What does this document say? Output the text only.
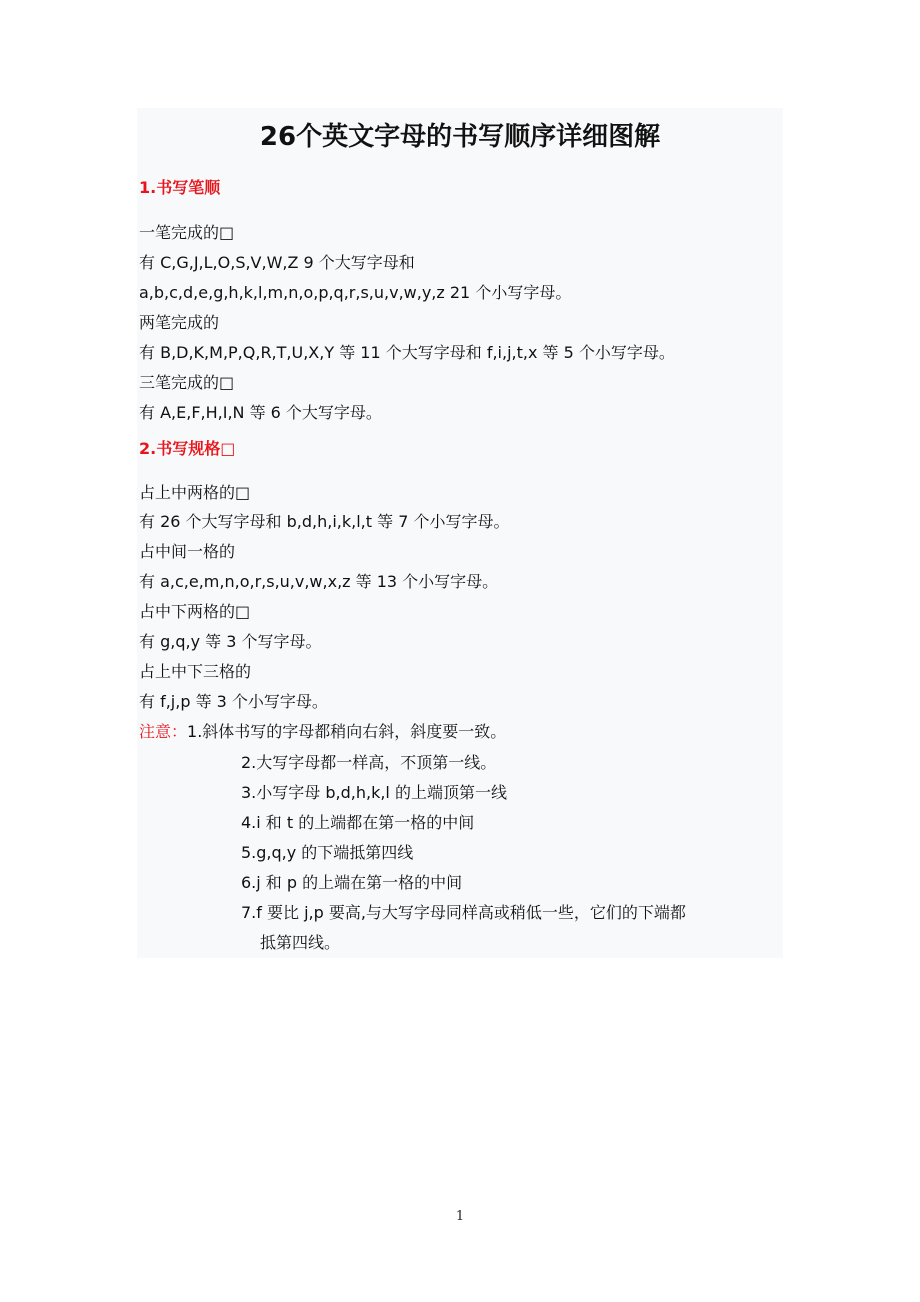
26个英文字母的书写顺序详细图解
1.书写笔顺
一笔完成的□
有 C,G,J,L,O,S,V,W,Z 9 个大写字母和
a,b,c,d,e,g,h,k,l,m,n,o,p,q,r,s,u,v,w,y,z 21 个小写字母。
两笔完成的
有 B,D,K,M,P,Q,R,T,U,X,Y 等 11 个大写字母和 f,i,j,t,x 等 5 个小写字母。
三笔完成的□
有 A,E,F,H,I,N 等 6 个大写字母。
2.书写规格□
占上中两格的□
有 26 个大写字母和 b,d,h,i,k,l,t 等 7 个小写字母。
占中间一格的
有 a,c,e,m,n,o,r,s,u,v,w,x,z 等 13 个小写字母。
占中下两格的□
有 g,q,y 等 3 个写字母。
占上中下三格的
有 f,j,p 等 3 个小写字母。
注意：1.斜体书写的字母都稍向右斜，斜度要一致。
2.大写字母都一样高，不顶第一线。
3.小写字母 b,d,h,k,l 的上端顶第一线
4.i 和 t 的上端都在第一格的中间
5.g,q,y 的下端抵第四线
6.j 和 p 的上端在第一格的中间
7.f 要比 j,p 要高,与大写字母同样高或稍低一些，它们的下端都
抵第四线。
1
